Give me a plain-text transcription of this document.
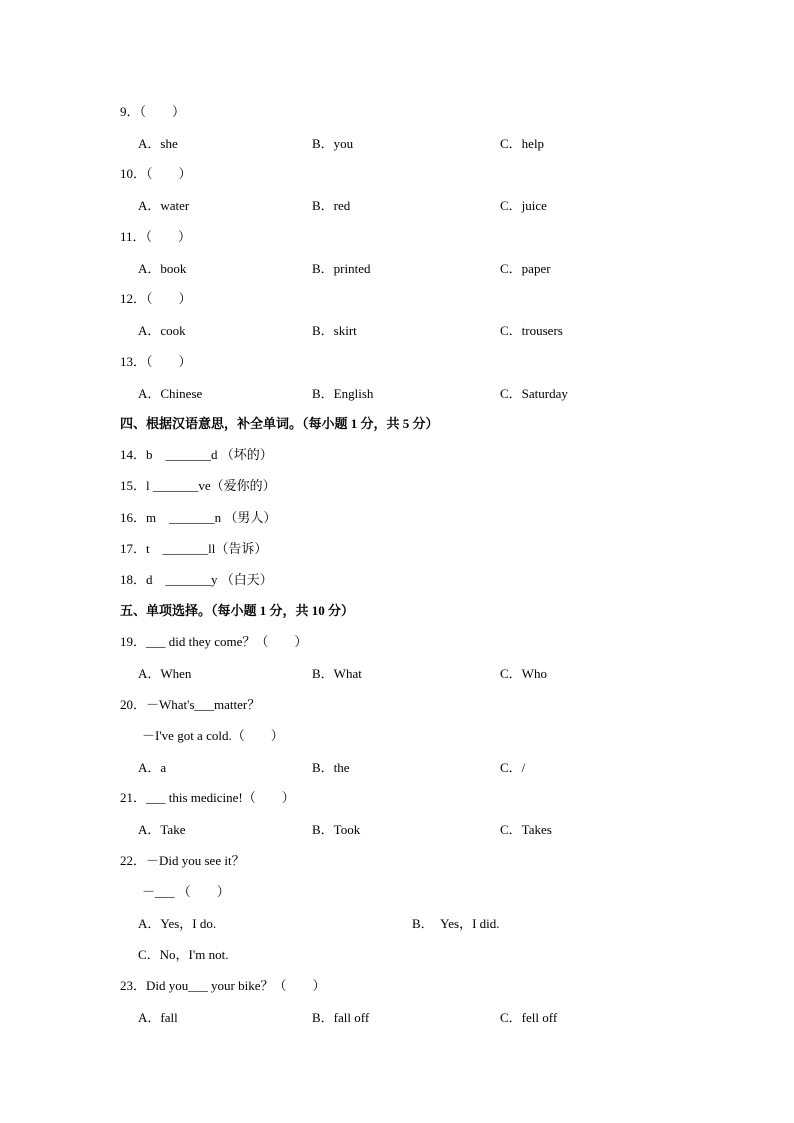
9．（　　）
A．she	B．you	C．help
10．（　　）
A．water	B．red	C．juice
11．（　　）
A．book	B．printed	C．paper
12．（　　）
A．cook	B．skirt	C．trousers
13．（　　）
A．Chinese	B．English	C．Saturday
四、根据汉语意思，补全单词。（每小题 1 分，共 5 分）
14．b　_______d （坏的）
15．l _______ve（爱你的）
16．m　_______n （男人）
17．t　_______ll（告诉）
18．d　_______y （白天）
五、单项选择。（每小题 1 分，共 10 分）
19．___ did they come？（　　）
A．When	B．What	C．Who
20．－What's___matter？
－I've got a cold.（　　）
A．a	B．the	C．/
21．___ this medicine!（　　）
A．Take	B．Took	C．Takes
22．－Did you see it？
－___ （　　）
A．Yes，I do.	B．　Yes，I did.
C．No，I'm not.
23．Did you___ your bike？（　　）
A．fall	B．fall off	C．fell off
